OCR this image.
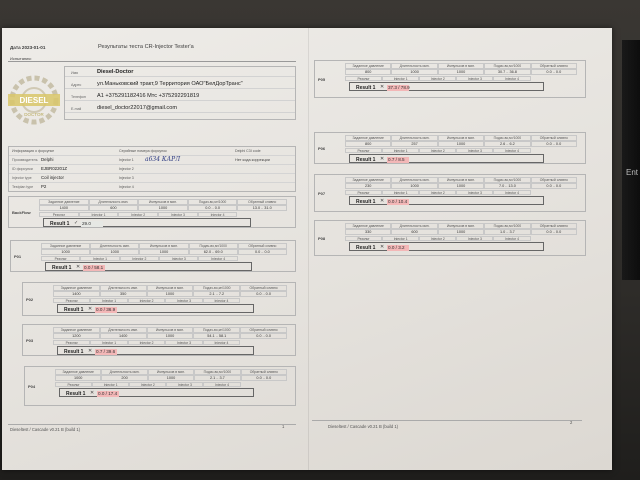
Ent
Дата 2023-01-01	Результаты теста CR-Injector Tester'a
Испытания:
DIESEL
DOCTOR
Имя	Diesel-Doctor
Адрес	ул.Маньковский тракт,9 Территория ОАО"БелДорТранс"
Телефон A1 +375291182416 Мтс +375292291819
E-mail	diesel_doctor22017@gmail.com
Информация о форсунке	Серийные номера форсунок	Delphi C3I code
Производитель Delphi	Injector 1 a634 КАРЛ	Нет кода коррекции
ID форсунки EJBR02201Z	Injector 2
Injector type Coil injector	Injector 3
Testplan type P2	Injector 4
BackFlow
Заданное давление	Длительность имп.	Импульсов в мин.	Подач-во,м³/1000	Обратный сливно
1400	600	1000	0.0 .. 0.0	13.0 .. 31.0
Результ	Injector 1	Injector 2	Injector 3	Injector 4
Result 1 ✓ 29.0
P01
Заданное давление	Длительность имп.	Импульсов в мин.	Подач-во,м³/1000	Обратный сливно
1000	1000	1000	62.0 .. 69.0	0.0 .. 0.0
Результ	Injector 1	Injector 2	Injector 3	Injector 4
Result 1 ✕ 0.0 / 58.1
P02
Заданное давление	Длительность имп.	Импульсов в мин.	Подач-во,м³/1000	Обратный сливно
1400	350	1000	2.1 .. 7.2	0.0 .. 0.0
Результ	Injector 1	Injector 2	Injector 3	Injector 4
Result 1 ✕ 0.0 / 36.9
P03
Заданное давление	Длительность имп.	Импульсов в мин.	Подач-во,м³/1000	Обратный сливно
1200	1400	1000	54.1 .. 58.1	0.0 .. 0.0
Результ	Injector 1	Injector 2	Injector 3	Injector 4
Result 1 ✕ 0.7 / 39.6
P04
Заданное давление	Длительность имп.	Импульсов в мин.	Подач-во,м³/1000	Обратный сливно
1000	200	1000	2.1 .. 3.7	0.0 .. 0.0
Результ	Injector 1	Injector 2	Injector 3	Injector 4
Result 1 ✕ 0.0 / 17.4
Dieseltest / Cascade v0.21 B (build 1)
1
P05
Заданное давление	Длительность имп.	Импульсов в мин.	Подач-во,м³/1000	Обратный сливно
800	1000	1000	30.7 .. 36.8	0.0 .. 0.0
Результ	Injector 1	Injector 2	Injector 3	Injector 4
Result 1 ✕ 37.3 / 78.9
P06
Заданное давление	Длительность имп.	Импульсов в мин.	Подач-во,м³/1000	Обратный сливно
800	257	1000	2.6 .. 6.2	0.0 .. 0.0
Результ	Injector 1	Injector 2	Injector 3	Injector 4
Result 1 ✕ 0.7 / 8.5
P07
Заданное давление	Длительность имп.	Импульсов в мин.	Подач-во,м³/1000	Обратный сливно
230	1000	1000	7.0 .. 13.0	0.0 .. 0.0
Результ	Injector 1	Injector 2	Injector 3	Injector 4
Result 1 ✕ 0.0 / 10.4
P08
Заданное давление	Длительность имп.	Импульсов в мин.	Подач-во,м³/1000	Обратный сливно
330	600	1000	1.0 .. 3.7	0.0 .. 0.0
Результ	Injector 1	Injector 2	Injector 3	Injector 4
Result 1 ✕ 0.0 / 3.2
Dieseltest / Cascade v0.21 B (build 1)
2
